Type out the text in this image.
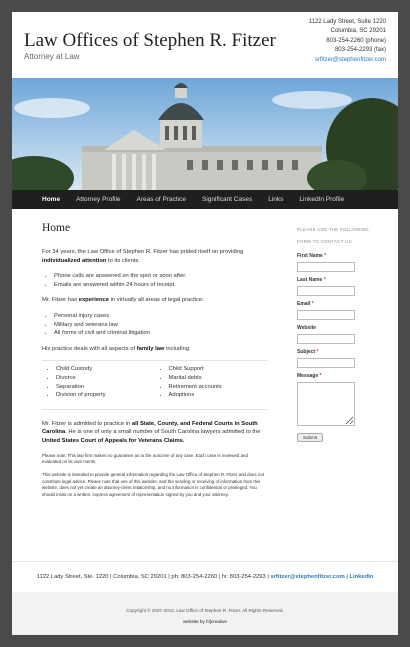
Law Offices of Stephen R. Fitzer
Attorney at Law
1122 Lady Street, Suite 1220
Columbia, SC 29201
803-254-2260 (phone)
803-254-2293 (fax)
srfitzer@stephenfitzer.com
Home Attorney Profile Areas of Practice Significant Cases Links LinkedIn Profile
Home

For 34 years, the Law Office of Stephen R. Fitzer has prided itself on providing individualized attention to its clients.

• Phone calls are answered on the spot or soon after.
• Emails are answered within 24 hours of receipt.

Mr. Fitzer has experience in virtually all areas of legal practice:

• Personal injury cases
• Military and veterans law
• All forms of civil and criminal litigation

His practice deals with all aspects of family law including:

• Child Custody
• Divorce
• Separation
• Division of property
• Child Support
• Marital debts
• Retirement accounts
• Adoptions

Mr. Fitzer is admitted to practice in all State, County, and Federal Courts in South Carolina. He is one of only a small number of South Carolina lawyers admitted to the United States Court of Appeals for Veterans Claims.

Please note: This law firm makes no guarantee as to the outcome of any case. Each case is reviewed and evaluated on its own merits.

This website is intended to provide general information regarding the Law Office of Stephen R. Fitzer and does not constitute legal advice. Please note that use of this website, and the sending or receiving of information from this website, does not yet create an attorney-client relationship, and no information is confidential or privileged. You should insist on a written, express agreement of representation signed by you and your attorney.

PLEASE USE THE FOLLOWING FORM TO CONTACT US
First Name *
Last Name *
Email *
Website
Subject *
Message *
Submit
1122 Lady Street, Ste. 1220 | Columbia, SC 29201 | ph: 803-254-2260 | fx: 803-254-2293 | srfitzer@stephenfitzer.com | LinkedIn
Copyright © 2007-2012, Law Office of Stephen R. Fitzer. All Rights Reserved.
website by hl|creative
